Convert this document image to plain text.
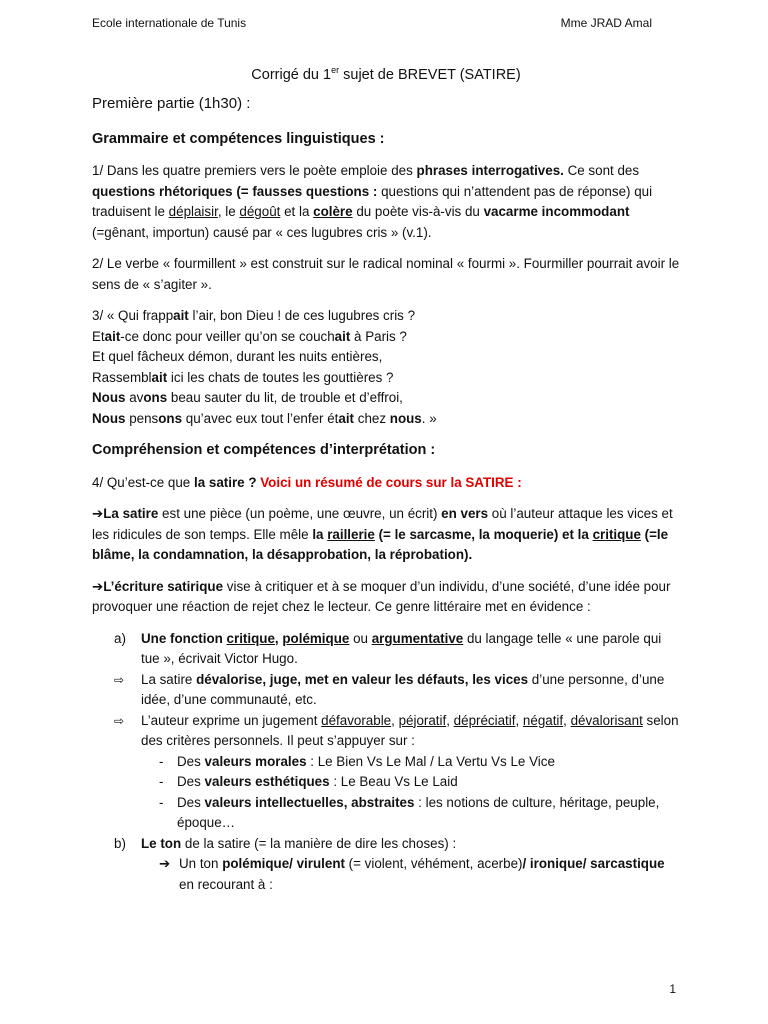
Ecole internationale de Tunis	Mme JRAD Amal
Corrigé du 1er sujet de BREVET (SATIRE)
Première partie (1h30) :
Grammaire et compétences linguistiques :

1/ Dans les quatre premiers vers le poète emploie des phrases interrogatives. Ce sont des questions rhétoriques (= fausses questions : questions qui n’attendent pas de réponse) qui traduisent le déplaisir, le dégoût et la colère du poète vis-à-vis du vacarme incommodant (=gênant, importun) causé par « ces lugubres cris » (v.1).

2/ Le verbe « fourmillent » est construit sur le radical nominal « fourmi ». Fourmiller pourrait avoir le sens de « s’agiter ».

3/ « Qui frappait l’air, bon Dieu ! de ces lugubres cris ?
Etait-ce donc pour veiller qu’on se couchait à Paris ?
Et quel fâcheux démon, durant les nuits entières,
Rassemblait ici les chats de toutes les gouttières ?
Nous avons beau sauter du lit, de trouble et d’effroi,
Nous pensons qu’avec eux tout l’enfer était chez nous. »
Compréhension et compétences d’interprétation :

4/ Qu’est-ce que la satire ? Voici un résumé de cours sur la SATIRE :

➔La satire est une pièce (un poème, une œuvre, un écrit) en vers où l’auteur attaque les vices et les ridicules de son temps. Elle mêle la raillerie (= le sarcasme, la moquerie) et la critique (=le blâme, la condamnation, la désapprobation, la réprobation).

➔L’écriture satirique vise à critiquer et à se moquer d’un individu, d’une société, d’une idée pour provoquer une réaction de rejet chez le lecteur. Ce genre littéraire met en évidence :

a)	Une fonction critique, polémique ou argumentative du langage telle « une parole qui tue », écrivait Victor Hugo.
⇨	La satire dévalorise, juge, met en valeur les défauts, les vices d’une personne, d’une idée, d’une communauté, etc.
⇨	L’auteur exprime un jugement défavorable, péjoratif, dépréciatif, négatif, dévalorisant selon des critères personnels. Il peut s’appuyer sur :
-	Des valeurs morales : Le Bien Vs Le Mal / La Vertu Vs Le Vice
-	Des valeurs esthétiques : Le Beau Vs Le Laid
-	Des valeurs intellectuelles, abstraites : les notions de culture, héritage, peuple, époque…
b)	Le ton de la satire (= la manière de dire les choses) :
➔ Un ton polémique/ virulent (= violent, véhément, acerbe)/ ironique/ sarcastique en recourant à :
1
